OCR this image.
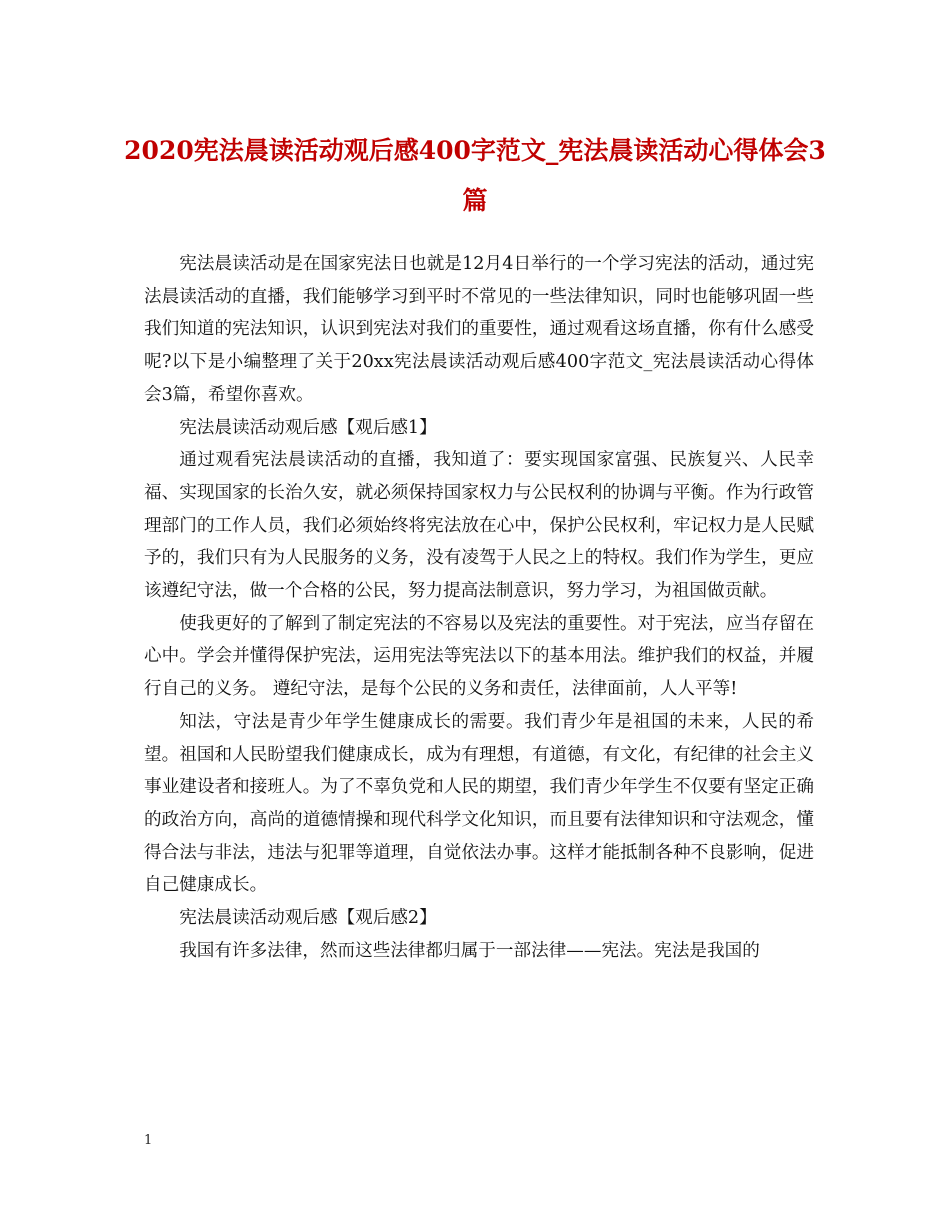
2020宪法晨读活动观后感400字范文_宪法晨读活动心得体会3篇

宪法晨读活动是在国家宪法日也就是12月4日举行的一个学习宪法的活动，通过宪法晨读活动的直播，我们能够学习到平时不常见的一些法律知识，同时也能够巩固一些我们知道的宪法知识，认识到宪法对我们的重要性，通过观看这场直播，你有什么感受呢?以下是小编整理了关于20xx宪法晨读活动观后感400字范文_宪法晨读活动心得体会3篇，希望你喜欢。

宪法晨读活动观后感【观后感1】

通过观看宪法晨读活动的直播，我知道了：要实现国家富强、民族复兴、人民幸福、实现国家的长治久安，就必须保持国家权力与公民权利的协调与平衡。作为行政管理部门的工作人员，我们必须始终将宪法放在心中，保护公民权利，牢记权力是人民赋予的，我们只有为人民服务的义务，没有凌驾于人民之上的特权。我们作为学生，更应该遵纪守法，做一个合格的公民，努力提高法制意识，努力学习，为祖国做贡献。

使我更好的了解到了制定宪法的不容易以及宪法的重要性。对于宪法，应当存留在心中。学会并懂得保护宪法，运用宪法等宪法以下的基本用法。维护我们的权益，并履行自己的义务。 遵纪守法，是每个公民的义务和责任，法律面前，人人平等!

知法，守法是青少年学生健康成长的需要。我们青少年是祖国的未来，人民的希望。祖国和人民盼望我们健康成长，成为有理想，有道德，有文化，有纪律的社会主义事业建设者和接班人。为了不辜负党和人民的期望，我们青少年学生不仅要有坚定正确的政治方向，高尚的道德情操和现代科学文化知识，而且要有法律知识和守法观念，懂得合法与非法，违法与犯罪等道理，自觉依法办事。这样才能抵制各种不良影响，促进自己健康成长。

宪法晨读活动观后感【观后感2】

我国有许多法律，然而这些法律都归属于一部法律——宪法。宪法是我国的

1
